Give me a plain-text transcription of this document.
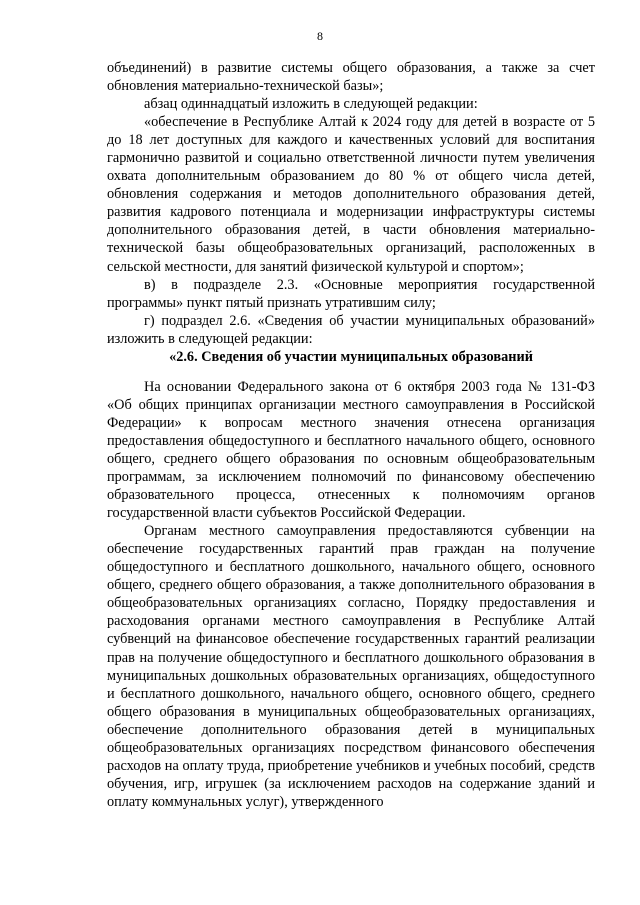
8

объединений) в развитие системы общего образования, а также за счет обновления материально-технической базы»;

абзац одиннадцатый изложить в следующей редакции:

«обеспечение в Республике Алтай к 2024 году для детей в возрасте от 5 до 18 лет доступных для каждого и качественных условий для воспитания гармонично развитой и социально ответственной личности путем увеличения охвата дополнительным образованием до 80 % от общего числа детей, обновления содержания и методов дополнительного образования детей, развития кадрового потенциала и модернизации инфраструктуры системы дополнительного образования детей, в части обновления материально-технической базы общеобразовательных организаций, расположенных в сельской местности, для занятий физической культурой и спортом»;

в) в подразделе 2.3. «Основные мероприятия государственной программы» пункт пятый признать утратившим силу;

г) подраздел 2.6. «Сведения об участии муниципальных образований» изложить в следующей редакции:

«2.6. Сведения об участии муниципальных образований

На основании Федерального закона от 6 октября 2003 года № 131-ФЗ «Об общих принципах организации местного самоуправления в Российской Федерации» к вопросам местного значения отнесена организация предоставления общедоступного и бесплатного начального общего, основного общего, среднего общего образования по основным общеобразовательным программам, за исключением полномочий по финансовому обеспечению образовательного процесса, отнесенных к полномочиям органов государственной власти субъектов Российской Федерации.

Органам местного самоуправления предоставляются субвенции на обеспечение государственных гарантий прав граждан на получение общедоступного и бесплатного дошкольного, начального общего, основного общего, среднего общего образования, а также дополнительного образования в общеобразовательных организациях согласно, Порядку предоставления и расходования органами местного самоуправления в Республике Алтай субвенций на финансовое обеспечение государственных гарантий реализации прав на получение общедоступного и бесплатного дошкольного образования в муниципальных дошкольных образовательных организациях, общедоступного и бесплатного дошкольного, начального общего, основного общего, среднего общего образования в муниципальных общеобразовательных организациях, обеспечение дополнительного образования детей в муниципальных общеобразовательных организациях посредством финансового обеспечения расходов на оплату труда, приобретение учебников и учебных пособий, средств обучения, игр, игрушек (за исключением расходов на содержание зданий и оплату коммунальных услуг), утвержденного
